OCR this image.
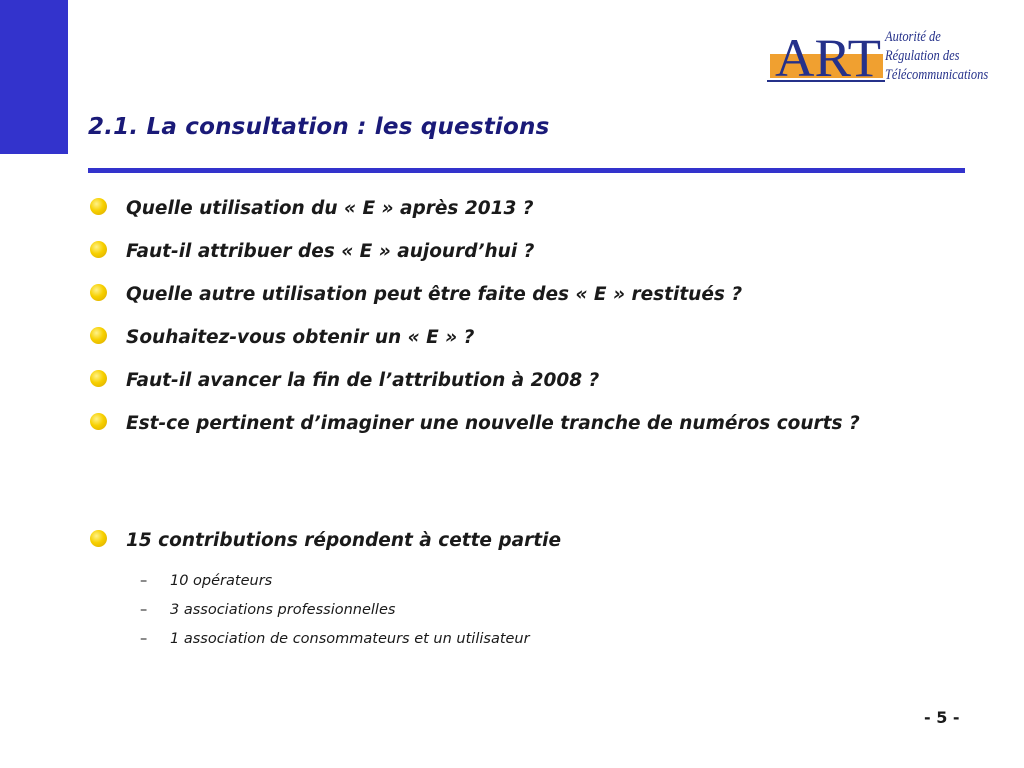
ART Autorité de
Régulation des
Télécommunications
2.1. La consultation : les questions
Quelle utilisation du « E » après 2013 ?
Faut-il attribuer des « E » aujourd’hui ?
Quelle autre utilisation peut être faite des « E » restitués ?
Souhaitez-vous obtenir un « E » ?
Faut-il avancer la fin de l’attribution à 2008 ?
Est-ce pertinent d’imaginer une nouvelle tranche de numéros courts ?
15 contributions répondent à cette partie
– 10 opérateurs
– 3 associations professionnelles
– 1 association de consommateurs et un utilisateur
- 5 -
